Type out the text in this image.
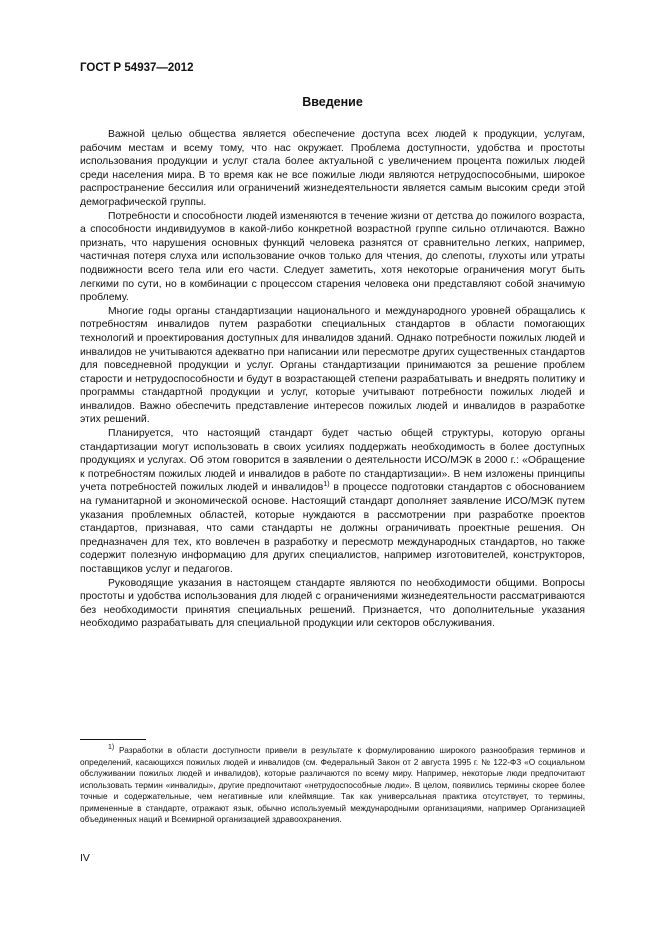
ГОСТ Р 54937—2012
Введение

Важной целью общества является обеспечение доступа всех людей к продукции, услугам, рабочим местам и всему тому, что нас окружает. Проблема доступности, удобства и простоты использования продукции и услуг стала более актуальной с увеличением процента пожилых людей среди населения мира. В то время как не все пожилые люди являются нетрудоспособными, широкое распространение бессилия или ограничений жизнедеятельности является самым высоким среди этой демографической группы.

Потребности и способности людей изменяются в течение жизни от детства до пожилого возраста, а способности индивидуумов в какой-либо конкретной возрастной группе сильно отличаются. Важно признать, что нарушения основных функций человека разнятся от сравнительно легких, например, частичная потеря слуха или использование очков только для чтения, до слепоты, глухоты или утраты подвижности всего тела или его части. Следует заметить, хотя некоторые ограничения могут быть легкими по сути, но в комбинации с процессом старения человека они представляют собой значимую проблему.

Многие годы органы стандартизации национального и международного уровней обращались к потребностям инвалидов путем разработки специальных стандартов в области помогающих технологий и проектирования доступных для инвалидов зданий. Однако потребности пожилых людей и инвалидов не учитываются адекватно при написании или пересмотре других существенных стандартов для повседневной продукции и услуг. Органы стандартизации принимаются за решение проблем старости и нетрудоспособности и будут в возрастающей степени разрабатывать и внедрять политику и программы стандартной продукции и услуг, которые учитывают потребности пожилых людей и инвалидов. Важно обеспечить представление интересов пожилых людей и инвалидов в разработке этих решений.

Планируется, что настоящий стандарт будет частью общей структуры, которую органы стандартизации могут использовать в своих усилиях поддержать необходимость в более доступных продукциях и услугах. Об этом говорится в заявлении о деятельности ИСО/МЭК в 2000 г.: «Обращение к потребностям пожилых людей и инвалидов в работе по стандартизации». В нем изложены принципы учета потребностей пожилых людей и инвалидов$^{1)}$ в процессе подготовки стандартов с обоснованием на гуманитарной и экономической основе. Настоящий стандарт дополняет заявление ИСО/МЭК путем указания проблемных областей, которые нуждаются в рассмотрении при разработке проектов стандартов, признавая, что сами стандарты не должны ограничивать проектные решения. Он предназначен для тех, кто вовлечен в разработку и пересмотр международных стандартов, но также содержит полезную информацию для других специалистов, например изготовителей, конструкторов, поставщиков услуг и педагогов.

Руководящие указания в настоящем стандарте являются по необходимости общими. Вопросы простоты и удобства использования для людей с ограничениями жизнедеятельности рассматриваются без необходимости принятия специальных решений. Признается, что дополнительные указания необходимо разрабатывать для специальной продукции или секторов обслуживания.

$^{1)}$ Разработки в области доступности привели в результате к формулированию широкого разнообразия терминов и определений, касающихся пожилых людей и инвалидов (см. Федеральный Закон от 2 августа 1995 г. № 122-ФЗ «О социальном обслуживании пожилых людей и инвалидов), которые различаются по всему миру. Например, некоторые люди предпочитают использовать термин «инвалиды», другие предпочитают «нетрудоспособные люди». В целом, появились термины скорее более точные и содержательные, чем негативные или клеймящие. Так как универсальная практика отсутствует, то термины, примененные в стандарте, отражают язык, обычно используемый международными организациями, например Организацией объединенных наций и Всемирной организацией здравоохранения.

IV
